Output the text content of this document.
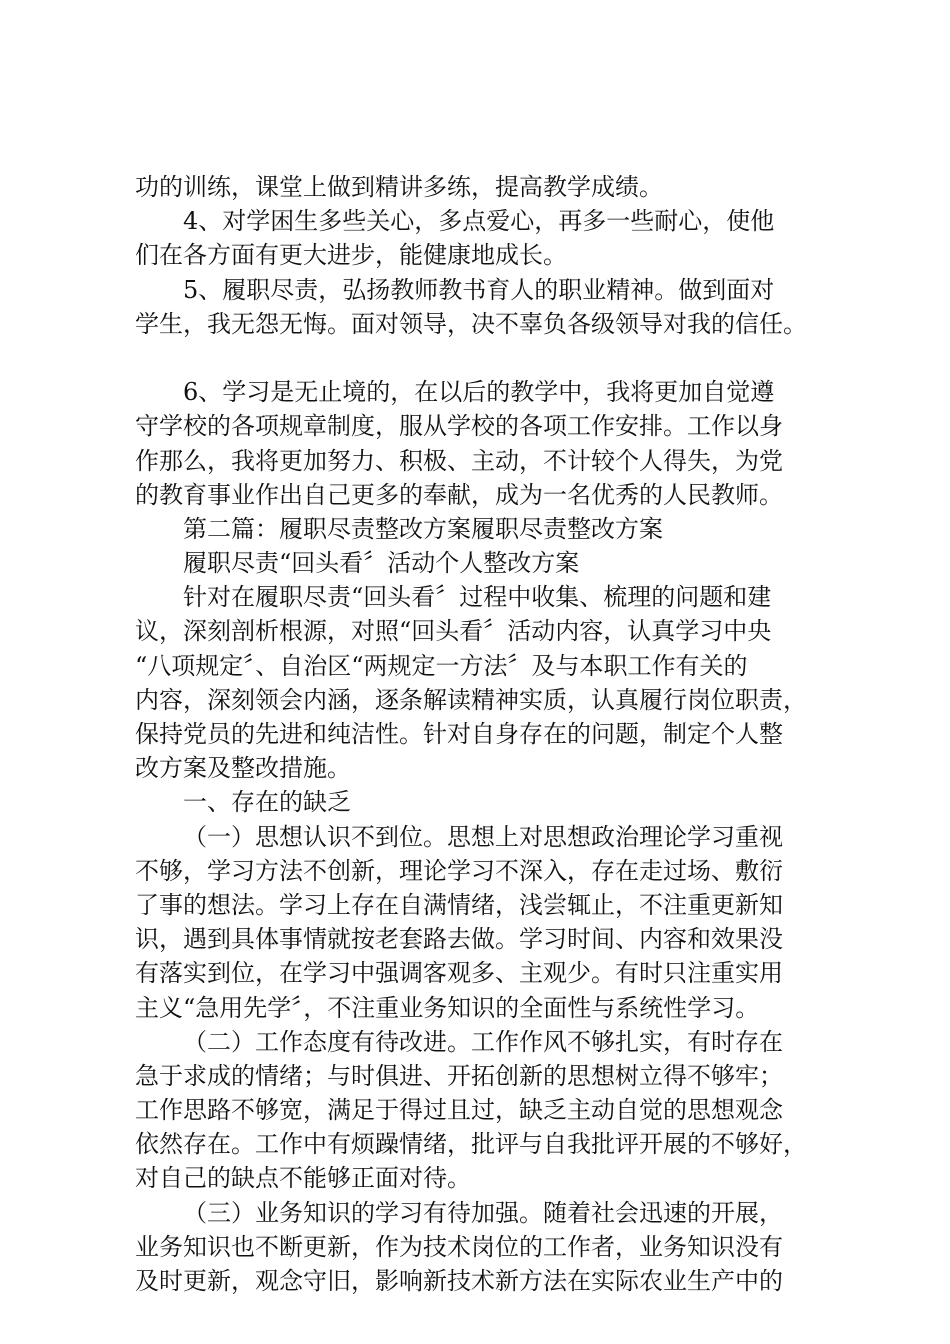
功的训练，课堂上做到精讲多练，提高教学成绩。
4、对学困生多些关心，多点爱心，再多一些耐心，使他
们在各方面有更大进步，能健康地成长。
5、履职尽责，弘扬教师教书育人的职业精神。做到面对
学生，我无怨无悔。面对领导，决不辜负各级领导对我的信任。
6、学习是无止境的，在以后的教学中，我将更加自觉遵
守学校的各项规章制度，服从学校的各项工作安排。工作以身
作那么，我将更加努力、积极、主动，不计较个人得失，为党
的教育事业作出自己更多的奉献，成为一名优秀的人民教师。
第二篇：履职尽责整改方案履职尽责整改方案
履职尽责“回头看〞活动个人整改方案
针对在履职尽责“回头看〞过程中收集、梳理的问题和建
议，深刻剖析根源，对照“回头看〞活动内容，认真学习中央
“八项规定〞、自治区“两规定一方法〞及与本职工作有关的
内容，深刻领会内涵，逐条解读精神实质，认真履行岗位职责，
保持党员的先进和纯洁性。针对自身存在的问题，制定个人整
改方案及整改措施。
一、存在的缺乏
（一）思想认识不到位。思想上对思想政治理论学习重视
不够，学习方法不创新，理论学习不深入，存在走过场、敷衍
了事的想法。学习上存在自满情绪，浅尝辄止，不注重更新知
识，遇到具体事情就按老套路去做。学习时间、内容和效果没
有落实到位，在学习中强调客观多、主观少。有时只注重实用
主义“急用先学〞，不注重业务知识的全面性与系统性学习。
（二）工作态度有待改进。工作作风不够扎实，有时存在
急于求成的情绪；与时俱进、开拓创新的思想树立得不够牢；
工作思路不够宽，满足于得过且过，缺乏主动自觉的思想观念
依然存在。工作中有烦躁情绪，批评与自我批评开展的不够好，
对自己的缺点不能够正面对待。
（三）业务知识的学习有待加强。随着社会迅速的开展，
业务知识也不断更新，作为技术岗位的工作者，业务知识没有
及时更新，观念守旧，影响新技术新方法在实际农业生产中的
